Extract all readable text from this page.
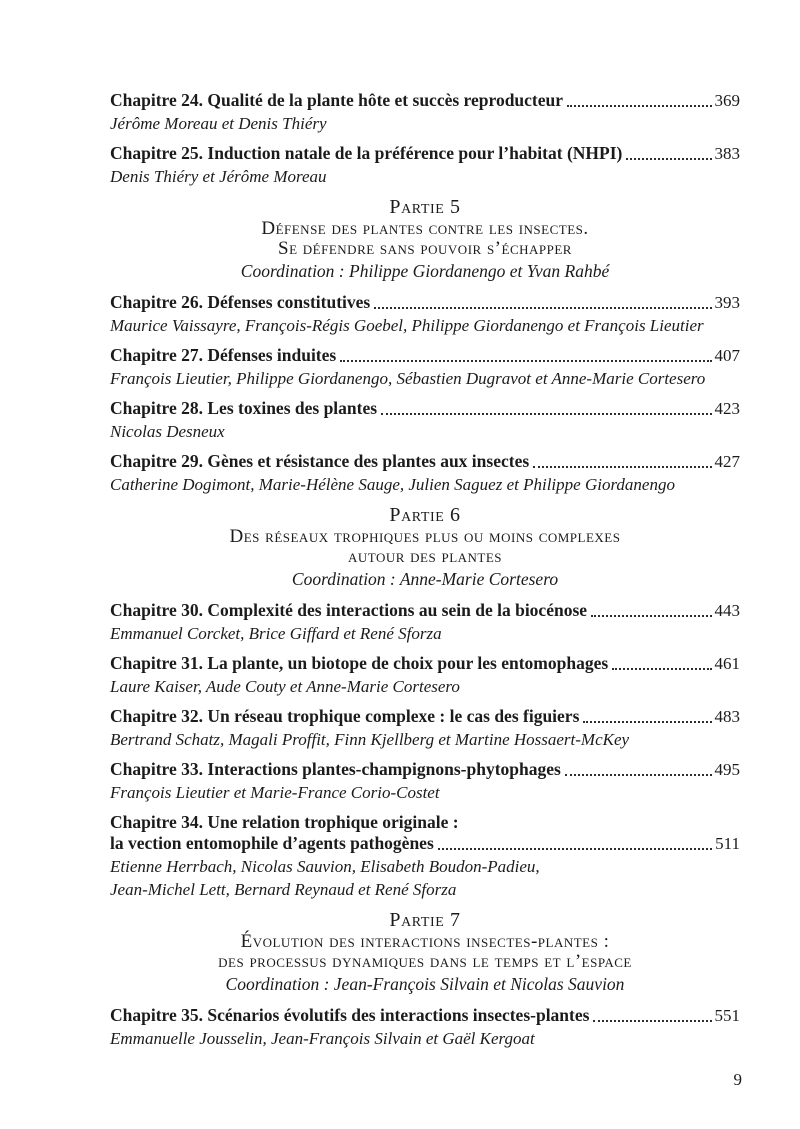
Chapitre 24. Qualité de la plante hôte et succès reproducteur	369
Jérôme Moreau et Denis Thiéry
Chapitre 25. Induction natale de la préférence pour l’habitat (NHPI)	383
Denis Thiéry et Jérôme Moreau
Partie 5
Défense des plantes contre les insectes.
Se défendre sans pouvoir s’échapper
Coordination : Philippe Giordanengo et Yvan Rahbé
Chapitre 26. Défenses constitutives	393
Maurice Vaissayre, François-Régis Goebel, Philippe Giordanengo et François Lieutier
Chapitre 27. Défenses induites	407
François Lieutier, Philippe Giordanengo, Sébastien Dugravot et Anne-Marie Cortesero
Chapitre 28. Les toxines des plantes	423
Nicolas Desneux
Chapitre 29. Gènes et résistance des plantes aux insectes	427
Catherine Dogimont, Marie-Hélène Sauge, Julien Saguez et Philippe Giordanengo
Partie 6
Des réseaux trophiques plus ou moins complexes
autour des plantes
Coordination : Anne-Marie Cortesero
Chapitre 30. Complexité des interactions au sein de la biocénose	443
Emmanuel Corcket, Brice Giffard et René Sforza
Chapitre 31. La plante, un biotope de choix pour les entomophages	461
Laure Kaiser, Aude Couty et Anne-Marie Cortesero
Chapitre 32. Un réseau trophique complexe : le cas des figuiers	483
Bertrand Schatz, Magali Proffit, Finn Kjellberg et Martine Hossaert-McKey
Chapitre 33. Interactions plantes-champignons-phytophages	495
François Lieutier et Marie-France Corio-Costet
Chapitre 34. Une relation trophique originale :
la vection entomophile d’agents pathogènes	511
Etienne Herrbach, Nicolas Sauvion, Elisabeth Boudon-Padieu,
Jean-Michel Lett, Bernard Reynaud et René Sforza
Partie 7
Évolution des interactions insectes-plantes :
des processus dynamiques dans le temps et l’espace
Coordination : Jean-François Silvain et Nicolas Sauvion
Chapitre 35. Scénarios évolutifs des interactions insectes-plantes	551
Emmanuelle Jousselin, Jean-François Silvain et Gaël Kergoat
9
